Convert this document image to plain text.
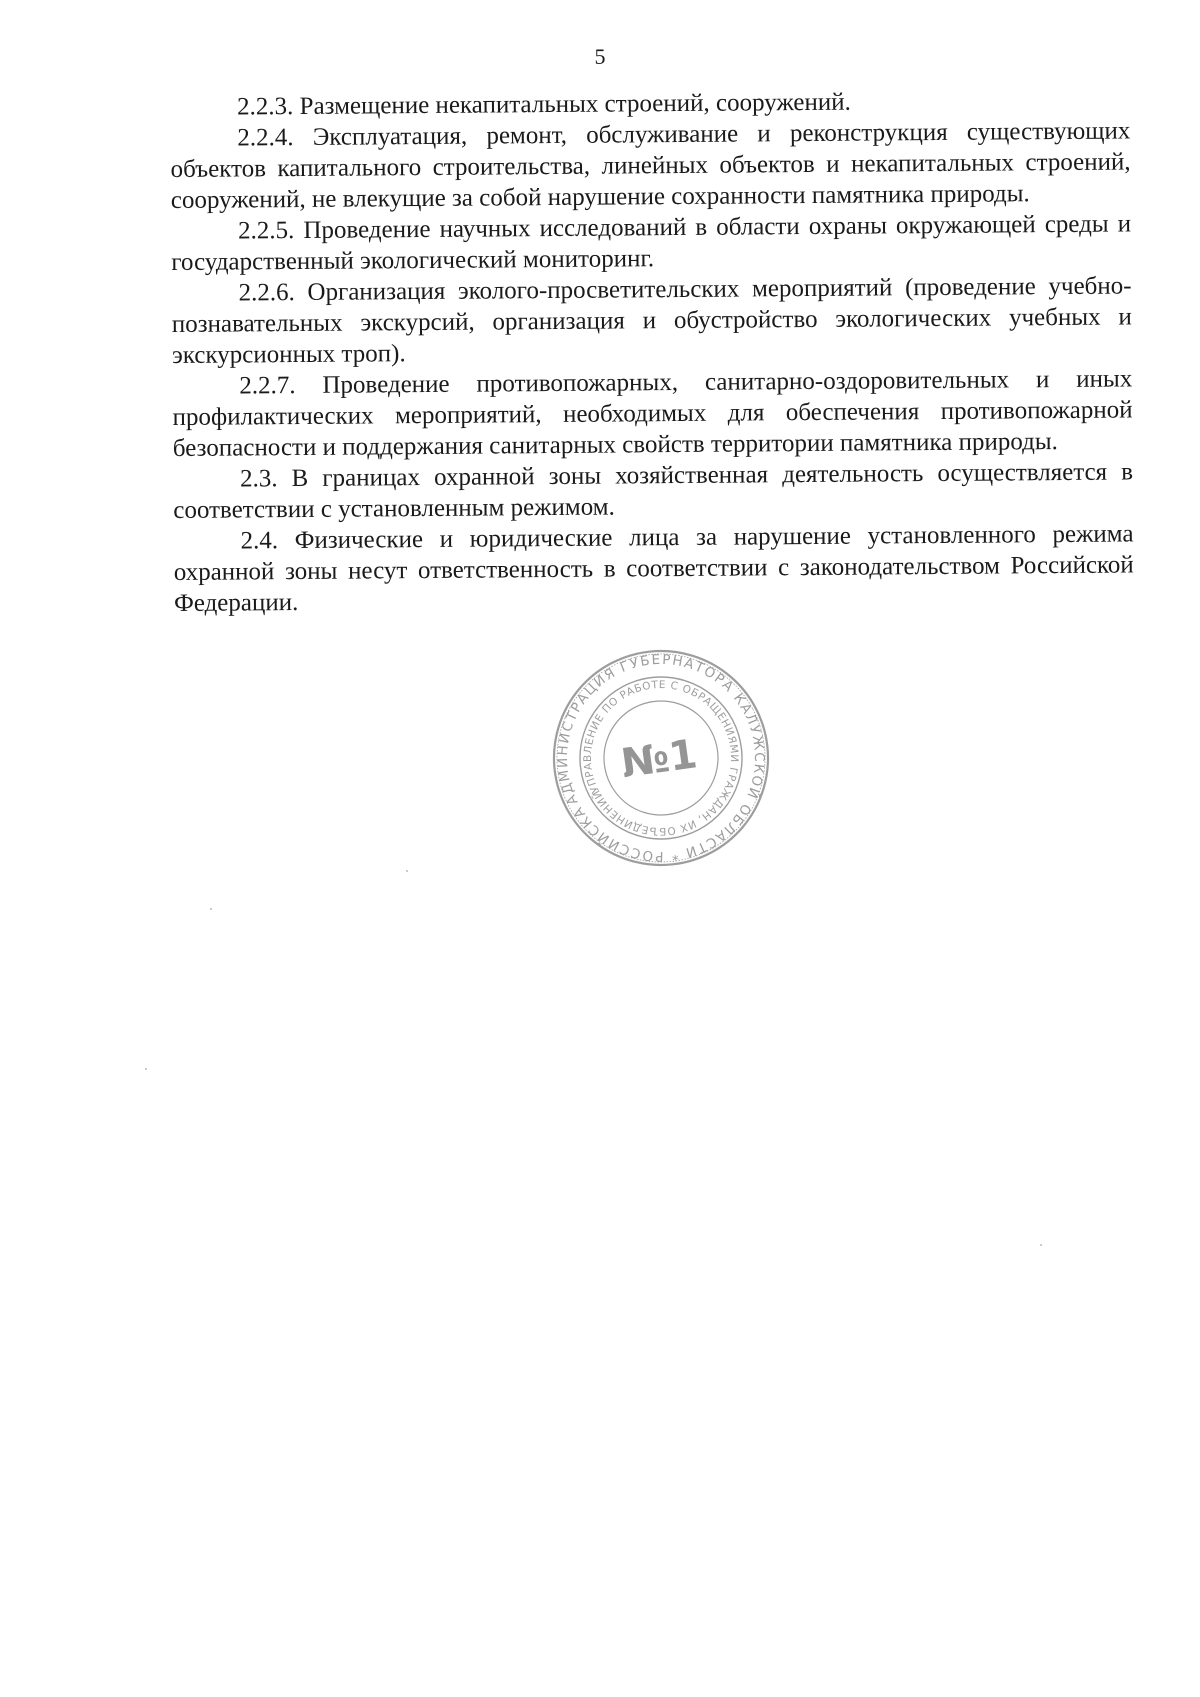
5

2.2.3. Размещение некапитальных строений, сооружений.

2.2.4. Эксплуатация, ремонт, обслуживание и реконструкция существующих объектов капитального строительства, линейных объектов и некапитальных строений, сооружений, не влекущие за собой нарушение сохранности памятника природы.

2.2.5. Проведение научных исследований в области охраны окружающей среды и государственный экологический мониторинг.

2.2.6. Организация эколого-просветительских мероприятий (проведение учебно-познавательных экскурсий, организация и обустройство экологических учебных и экскурсионных троп).

2.2.7. Проведение противопожарных, санитарно-оздоровительных и иных профилактических мероприятий, необходимых для обеспечения противопожарной безопасности и поддержания санитарных свойств территории памятника природы.

2.3. В границах охранной зоны хозяйственная деятельность осуществляется в соответствии с установленным режимом.

2.4. Физические и юридические лица за нарушение установленного режима охранной зоны несут ответственность в соответствии с законодательством Российской Федерации.

АДМИНИСТРАЦИЯ ГУБЕРНАТОРА КАЛУЖСКОЙ ОБЛАСТИ * РОССИЙСКАЯ
УПРАВЛЕНИЕ ПО РАБОТЕ С ОБРАЩЕНИЯМИ ГРАЖДАН, ИХ ОБЪЕДИНЕНИЙ
№1
